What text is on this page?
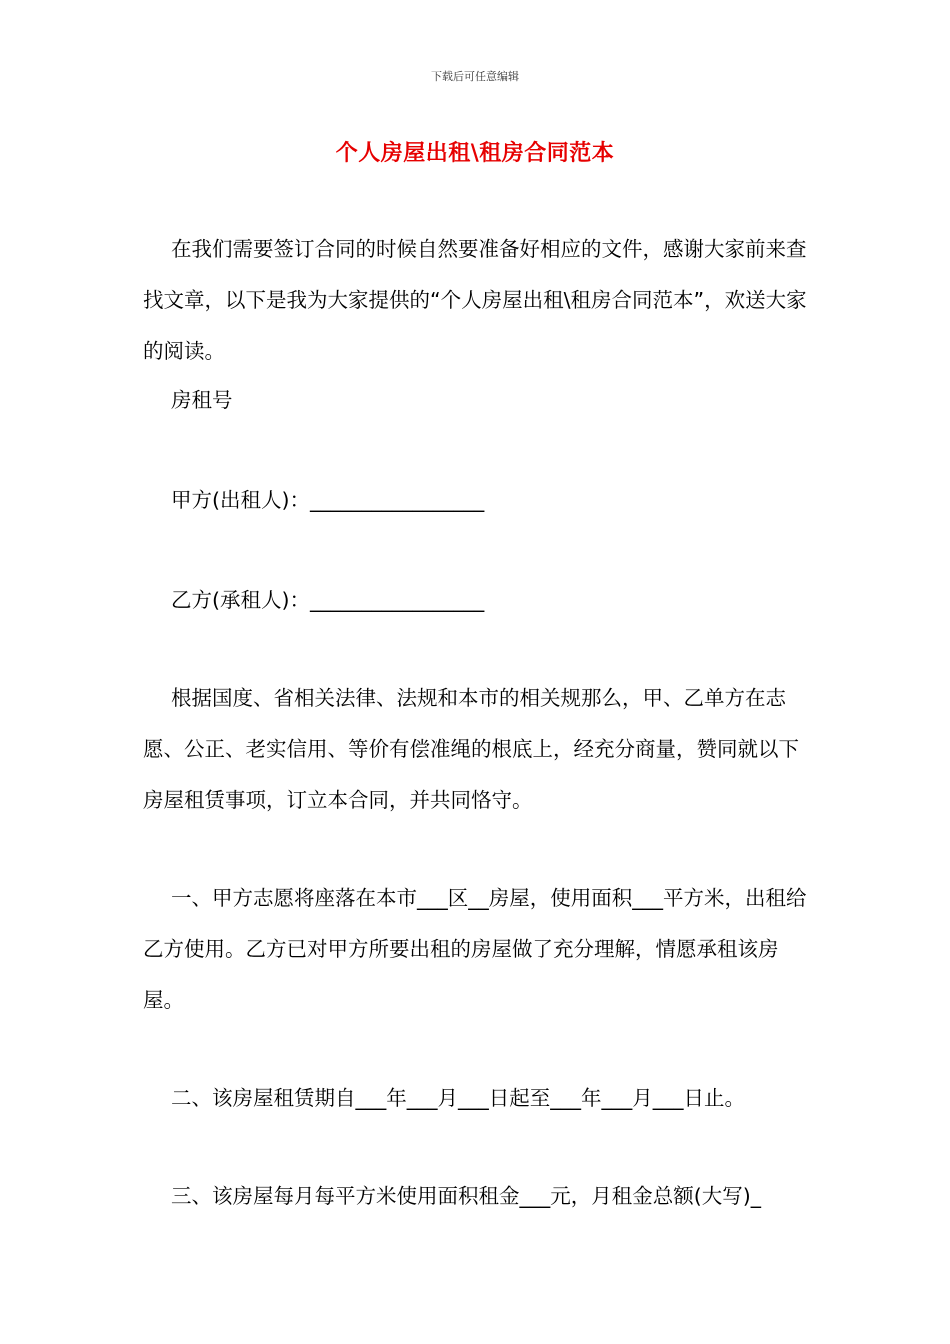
下载后可任意编辑
个人房屋出租\租房合同范本

在我们需要签订合同的时候自然要准备好相应的文件，感谢大家前来查找文章，以下是我为大家提供的“个人房屋出租\租房合同范本”，欢送大家的阅读。

房租号

甲方(出租人)：_________________

乙方(承租人)：_________________

根据国度、省相关法律、法规和本市的相关规那么，甲、乙单方在志愿、公正、老实信用、等价有偿准绳的根底上，经充分商量，赞同就以下房屋租赁事项，订立本合同，并共同恪守。

一、甲方志愿将座落在本市___区__房屋，使用面积___平方米，出租给乙方使用。乙方已对甲方所要出租的房屋做了充分理解，情愿承租该房屋。

二、该房屋租赁期自___年___月___日起至___年___月___日止。

三、该房屋每月每平方米使用面积租金___元，月租金总额(大写)_
